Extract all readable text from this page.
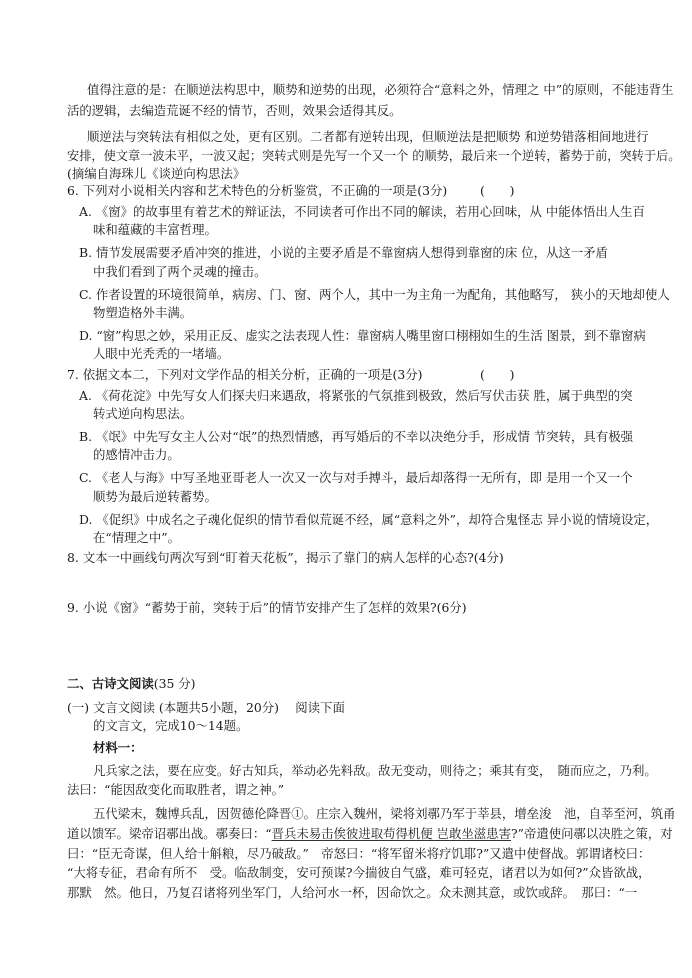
值得注意的是：在顺逆法构思中，顺势和逆势的出现，必须符合“意料之外，情理之 中”的原则，不能违背生
活的逻辑，去编造荒诞不经的情节，否则，效果会适得其反。
顺逆法与突转法有相似之处，更有区别。二者都有逆转出现，但顺逆法是把顺势 和逆势错落相间地进行
安排，使文章一波未平，一波又起；突转式则是先写一个又一个 的顺势，最后来一个逆转，蓄势于前，突转于后。
(摘编自海珠儿《谈逆向构思法》
6. 下列对小说相关内容和艺术特色的分析鉴赏，不正确的一项是(3分)	(　　)
A. 《窗》的故事里有着艺术的辩证法，不同读者可作出不同的解读，若用心回味，从 中能体悟出人生百
味和蕴藏的丰富哲理。
B. 情节发展需要矛盾冲突的推进，小说的主要矛盾是不靠窗病人想得到靠窗的床 位，从这一矛盾
中我们看到了两个灵魂的撞击。
C. 作者设置的环境很简单，病房、门、窗、两个人，其中一为主角一为配角，其他略写， 狭小的天地却使人
物塑造格外丰满。
D. “窗”构思之妙，采用正反、虚实之法表现人性：靠窗病人嘴里窗口栩栩如生的生活 图景，到不靠窗病
人眼中光秃秃的一堵墙。
7. 依据文本二，下列对文学作品的相关分析，正确的一项是(3分)	(　　)
A. 《荷花淀》中先写女人们探夫归来遇敌，将紧张的气氛推到极致，然后写伏击获 胜，属于典型的突
转式逆向构思法。
B. 《氓》中先写女主人公对“氓”的热烈情感，再写婚后的不幸以决绝分手，形成情 节突转，具有极强
的感情冲击力。
C. 《老人与海》中写圣地亚哥老人一次又一次与对手搏斗，最后却落得一无所有，即 是用一个又一个
顺势为最后逆转蓄势。
D. 《促织》中成名之子魂化促织的情节看似荒诞不经，属“意料之外”，却符合鬼怪志 异小说的情境设定，
在“情理之中”。
8. 文本一中画线句两次写到“盯着天花板”，揭示了靠门的病人怎样的心态?(4分)
9. 小说《窗》“蓄势于前，突转于后”的情节安排产生了怎样的效果?(6分)
二、古诗文阅读(35 分)
(一) 文言文阅读 (本题共5小题，20分)　 阅读下面
的文言文，完成10～14题。
材料一：
凡兵家之法，要在应变。好古知兵，举动必先料敌。敌无变动，则待之；乘其有变，　随而应之，乃利。
法曰：“能因敌变化而取胜者，谓之神。”
五代梁末，魏博兵乱，因贺德伦降晋①。庄宗入魏州，梁将刘鄩乃军于莘县，增垒浚　池，自莘至河，筑甬
道以馈军。梁帝诏鄩出战。鄩奏曰：“晋兵未易击俟彼进取苟得机便 岂敢坐滋患害?”帝遣使问鄩以决胜之策，对
曰：“臣无奇谋，但人给十斛粮，尽乃破敌。”　帝怒曰：“将军留米将疗饥耶?”又遣中使督战。郭谓诸校曰：
“大将专征，君命有所不　受。临敌制变，安可预谋?今揣彼自气盛，难可轻克，诸君以为如何?”众皆欲战，
那默　然。他日，乃复召诸将列坐军门，人给河水一杯，因命饮之。众未测其意，或饮或辞。　那曰：“一
